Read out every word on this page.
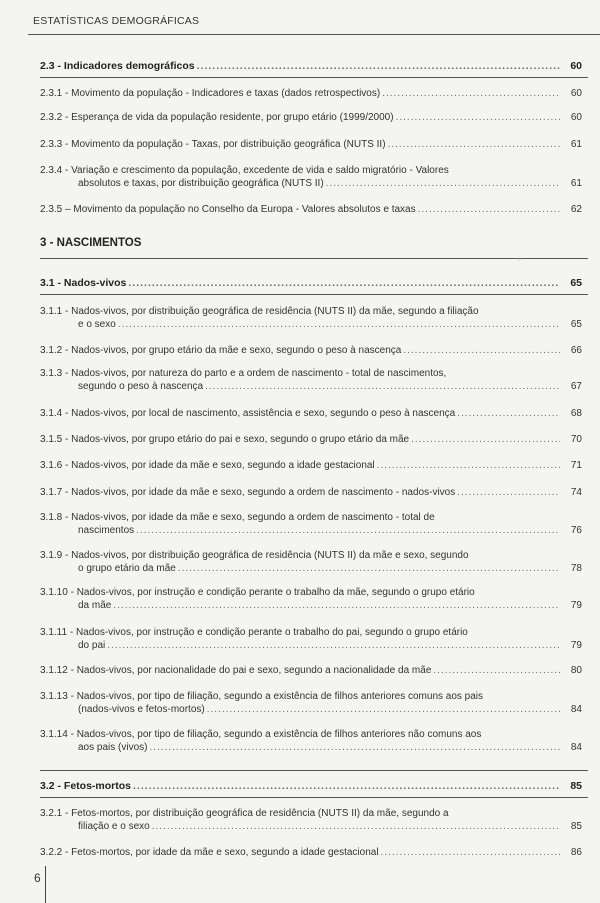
ESTATÍSTICAS DEMOGRÁFICAS
2.3 - Indicadores demográficos .....	60
2.3.1 - Movimento da população - Indicadores e taxas (dados retrospectivos) .....	60
2.3.2 - Esperança de vida da população residente, por grupo etário (1999/2000) .....	60
2.3.3 - Movimento da população - Taxas, por distribuição geográfica (NUTS II) .....	61
2.3.4 - Variação e crescimento da população, excedente de vida e saldo migratório - Valores
absolutos e taxas, por distribuição geográfica (NUTS II) .....	61
2.3.5 – Movimento da população no Conselho da Europa - Valores absolutos e taxas .....	62
3 - NASCIMENTOS
3.1 - Nados-vivos .....	65
3.1.1 - Nados-vivos, por distribuição geográfica de residência (NUTS II) da mãe, segundo a filiação
e o sexo .....	65
3.1.2 - Nados-vivos, por grupo etário da mãe e sexo, segundo o peso à nascença .....	66
3.1.3 - Nados-vivos, por natureza do parto e a ordem de nascimento - total de nascimentos,
segundo o peso à nascença .....	67
3.1.4 - Nados-vivos, por local de nascimento, assistência e sexo, segundo o peso à nascença .....	68
3.1.5 - Nados-vivos, por grupo etário do pai e sexo, segundo o grupo etário da mãe .....	70
3.1.6 - Nados-vivos, por idade da mãe e sexo, segundo a idade gestacional .....	71
3.1.7 - Nados-vivos, por idade da mãe e sexo, segundo a ordem de nascimento - nados-vivos .....	74
3.1.8 - Nados-vivos, por idade da mãe e sexo, segundo a ordem de nascimento - total de
nascimentos .....	76
3.1.9 - Nados-vivos, por distribuição geográfica de residência (NUTS II) da mãe e sexo, segundo
o grupo etário da mãe .....	78
3.1.10 - Nados-vivos, por instrução e condição perante o trabalho da mãe, segundo o grupo etário
da mãe .....	79
3.1.11 - Nados-vivos, por instrução e condição perante o trabalho do pai, segundo o grupo etário
do pai .....	79
3.1.12 - Nados-vivos, por nacionalidade do pai e sexo, segundo a nacionalidade da mãe .....	80
3.1.13 - Nados-vivos, por tipo de filiação, segundo a existência de filhos anteriores comuns aos pais
(nados-vivos e fetos-mortos) .....	84
3.1.14 - Nados-vivos, por tipo de filiação, segundo a existência de filhos anteriores não comuns aos
aos pais (vivos) .....	84
3.2 - Fetos-mortos .....	85
3.2.1 - Fetos-mortos, por distribuição geográfica de residência (NUTS II) da mãe, segundo a
filiação e o sexo .....	85
3.2.2 - Fetos-mortos, por idade da mãe e sexo, segundo a idade gestacional .....	86
º
6
